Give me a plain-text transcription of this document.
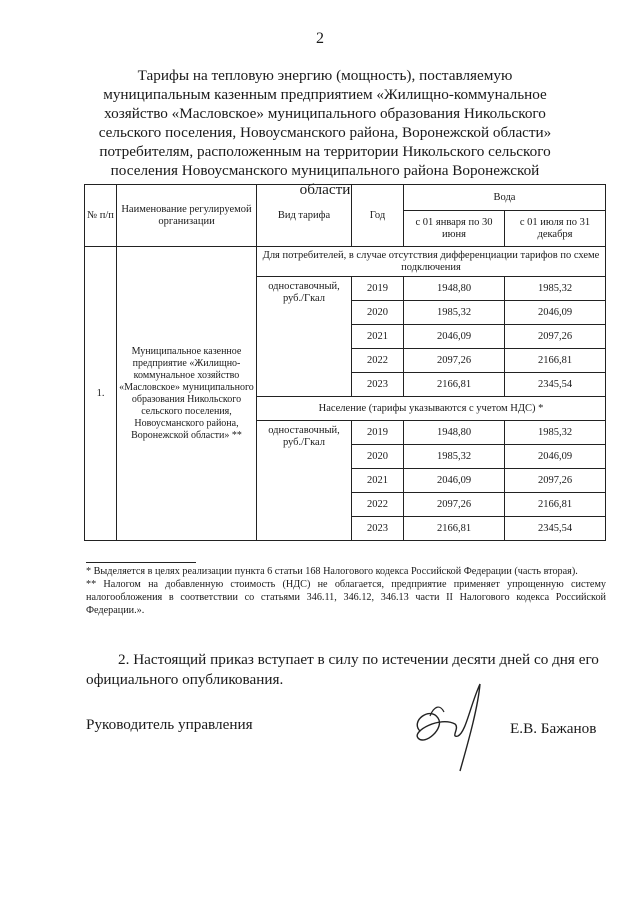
2
Тарифы на тепловую энергию (мощность), поставляемую муниципальным казенным предприятием «Жилищно-коммунальное хозяйство «Масловское» муниципального образования Никольского сельского поселения, Новоусманского района, Воронежской области» потребителям, расположенным на территории Никольского сельского поселения Новоусманского муниципального района Воронежской области
№ п/п	Наименование регулируемой организации	Вид тарифа	Год	Вода	
				с 01 января по 30 июня	с 01 июля по 31 декабря
1.	Муниципальное казенное предприятие «Жилищно-коммунальное хозяйство «Масловское» муниципального образования Никольского сельского поселения, Новоусманского района, Воронежской области» **	Для потребителей, в случае отсутствия дифференциации тарифов по схеме подключения			
		одноставочный, руб./Гкал	2019	1948,80	1985,32
			2020	1985,32	2046,09
			2021	2046,09	2097,26
			2022	2097,26	2166,81
			2023	2166,81	2345,54
		Население (тарифы указываются с учетом НДС) *			
		одноставочный, руб./Гкал	2019	1948,80	1985,32
			2020	1985,32	2046,09
			2021	2046,09	2097,26
			2022	2097,26	2166,81
			2023	2166,81	2345,54

* Выделяется в целях реализации пункта 6 статьи 168 Налогового кодекса Российской Федерации (часть вторая).

** Налогом на добавленную стоимость (НДС) не облагается, предприятие применяет упрощенную систему налогообложения в соответствии со статьями 346.11, 346.12, 346.13 части II Налогового кодекса Российской Федерации.».

2. Настоящий приказ вступает в силу по истечении десяти дней со дня его официального опубликования.
Руководитель управления	Е.В. Бажанов
